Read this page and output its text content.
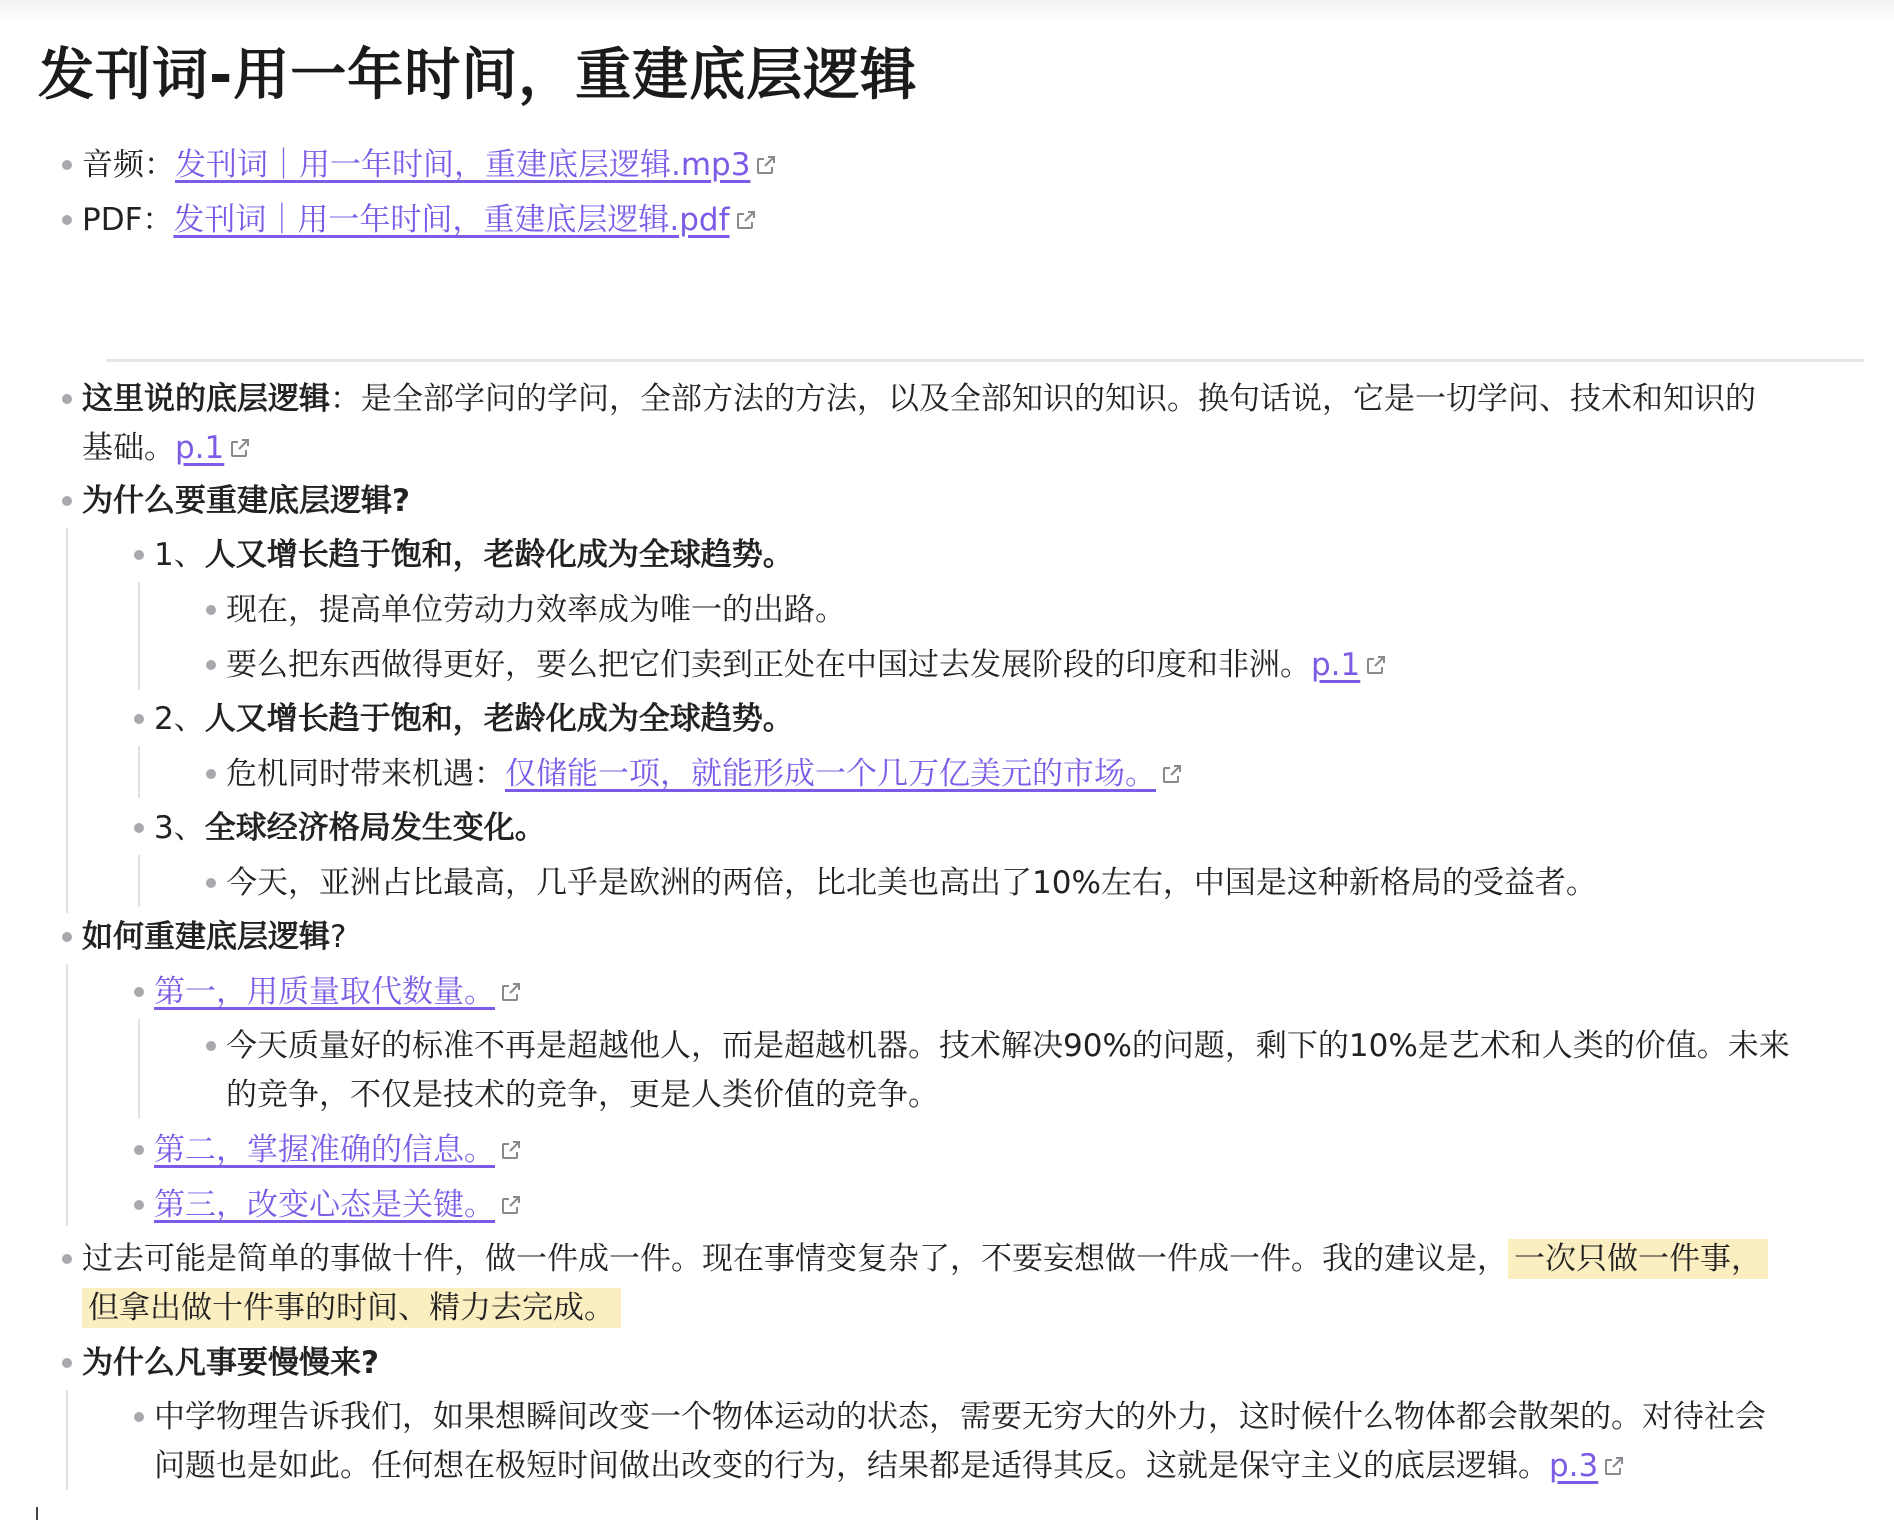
发刊词-用一年时间，重建底层逻辑
音频：发刊词｜用一年时间，重建底层逻辑.mp3
PDF：发刊词｜用一年时间，重建底层逻辑.pdf
这里说的底层逻辑：是全部学问的学问，全部方法的方法，以及全部知识的知识。换句话说，它是一切学问、技术和知识的
基础。p.1
为什么要重建底层逻辑?
1、人又增长趋于饱和，老龄化成为全球趋势。
现在，提高单位劳动力效率成为唯一的出路。
要么把东西做得更好，要么把它们卖到正处在中国过去发展阶段的印度和非洲。p.1
2、人又增长趋于饱和，老龄化成为全球趋势。
危机同时带来机遇：仅储能一项，就能形成一个几万亿美元的市场。
3、全球经济格局发生变化。
今天，亚洲占比最高，几乎是欧洲的两倍，比北美也高出了10%左右，中国是这种新格局的受益者。
如何重建底层逻辑?
第一，用质量取代数量。
今天质量好的标准不再是超越他人，而是超越机器。技术解决90%的问题，剩下的10%是艺术和人类的价值。未来
的竞争，不仅是技术的竞争，更是人类价值的竞争。
第二，掌握准确的信息。
第三，改变心态是关键。
过去可能是简单的事做十件，做一件成一件。现在事情变复杂了，不要妄想做一件成一件。我的建议是， 一次只做一件事，
但拿出做十件事的时间、精力去完成。
为什么凡事要慢慢来?
中学物理告诉我们，如果想瞬间改变一个物体运动的状态，需要无穷大的外力，这时候什么物体都会散架的。对待社会
问题也是如此。任何想在极短时间做出改变的行为，结果都是适得其反。这就是保守主义的底层逻辑。p.3
